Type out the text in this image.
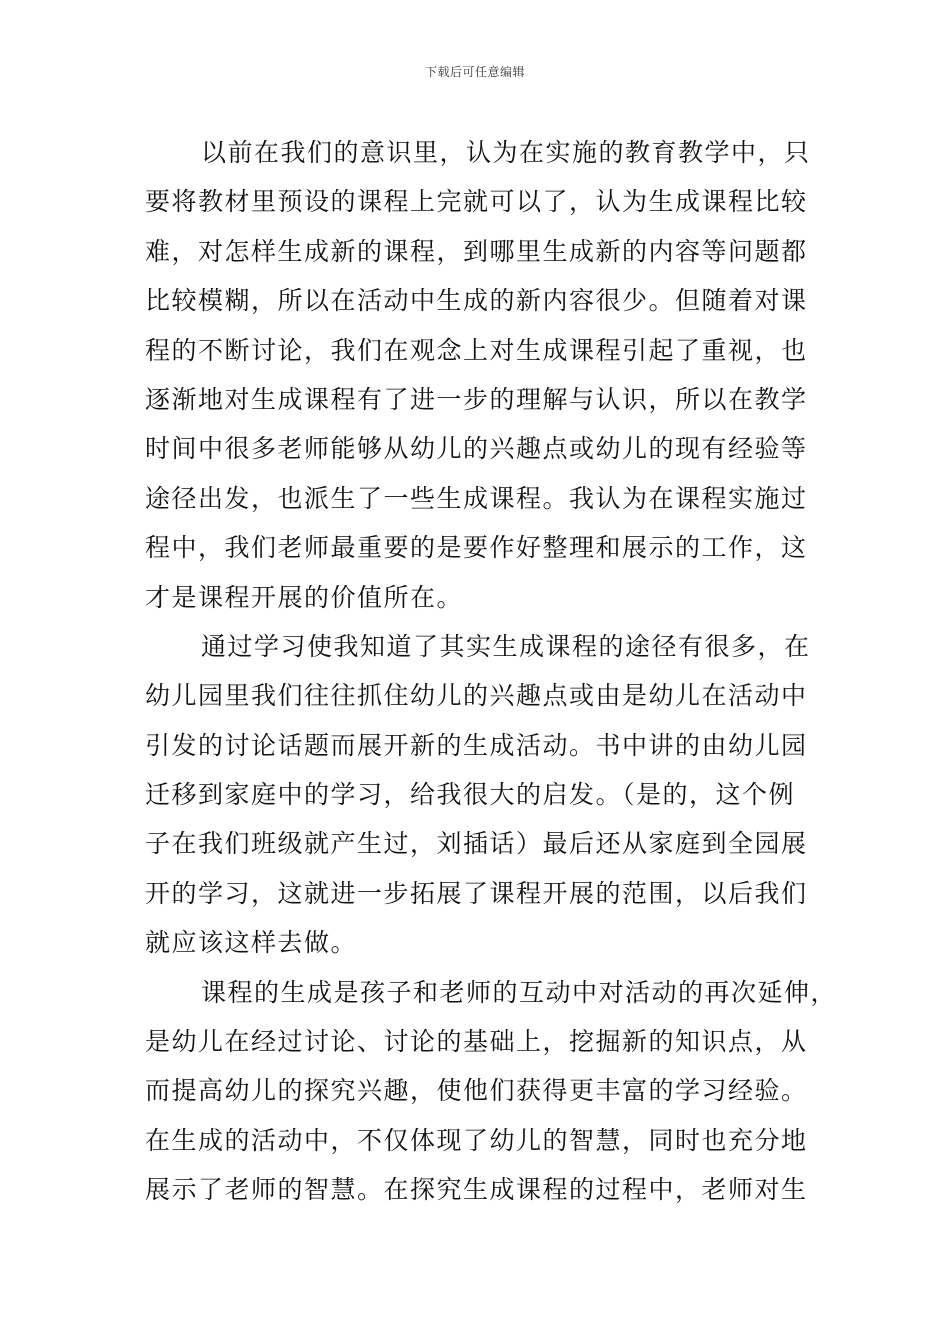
下载后可任意编辑
以前在我们的意识里，认为在实施的教育教学中，只
要将教材里预设的课程上完就可以了，认为生成课程比较
难，对怎样生成新的课程，到哪里生成新的内容等问题都
比较模糊，所以在活动中生成的新内容很少。但随着对课
程的不断讨论，我们在观念上对生成课程引起了重视，也
逐渐地对生成课程有了进一步的理解与认识，所以在教学
时间中很多老师能够从幼儿的兴趣点或幼儿的现有经验等
途径出发，也派生了一些生成课程。我认为在课程实施过
程中，我们老师最重要的是要作好整理和展示的工作，这
才是课程开展的价值所在。
通过学习使我知道了其实生成课程的途径有很多，在
幼儿园里我们往往抓住幼儿的兴趣点或由是幼儿在活动中
引发的讨论话题而展开新的生成活动。书中讲的由幼儿园
迁移到家庭中的学习，给我很大的启发。（是的，这个例
子在我们班级就产生过，刘插话）最后还从家庭到全园展
开的学习，这就进一步拓展了课程开展的范围，以后我们
就应该这样去做。
课程的生成是孩子和老师的互动中对活动的再次延伸，
是幼儿在经过讨论、讨论的基础上，挖掘新的知识点，从
而提高幼儿的探究兴趣，使他们获得更丰富的学习经验。
在生成的活动中，不仅体现了幼儿的智慧，同时也充分地
展示了老师的智慧。在探究生成课程的过程中，老师对生
